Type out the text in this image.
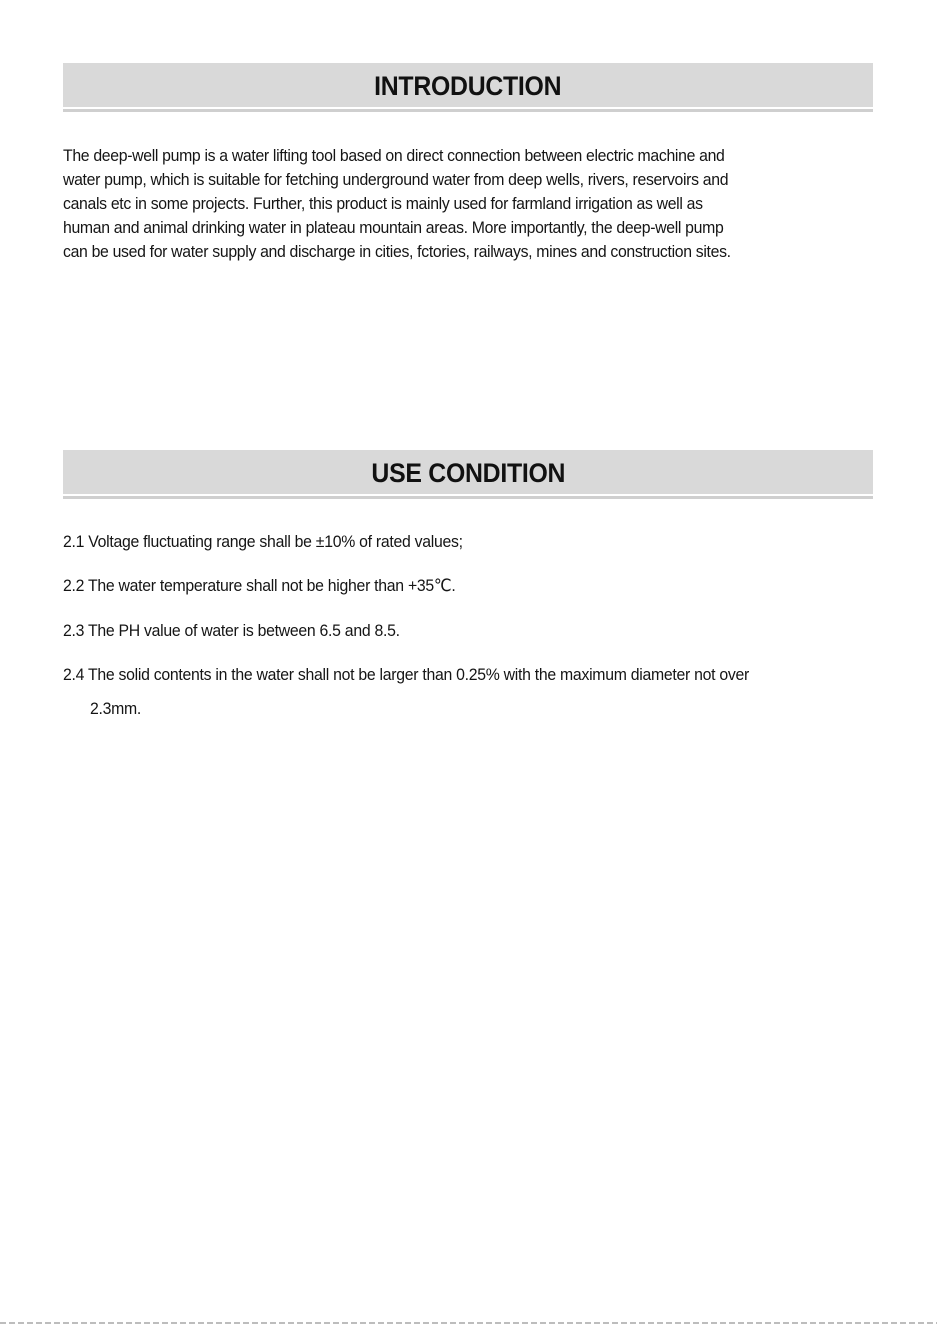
INTRODUCTION
The deep-well pump is a water lifting tool based on direct connection between electric machine and
water pump, which is suitable for fetching underground water from deep wells, rivers, reservoirs and
canals etc in some projects. Further, this product is mainly used for farmland irrigation as well as
human and animal drinking water in plateau mountain areas. More importantly, the deep-well pump
can be used for water supply and discharge in cities, fctories, railways, mines and construction sites.
USE CONDITION
2.1 Voltage fluctuating range shall be ±10% of rated values;
2.2 The water temperature shall not be higher than +35℃.
2.3 The PH value of water is between 6.5 and 8.5.
2.4 The solid contents in the water shall not be larger than 0.25% with the maximum diameter not over
2.3mm.
